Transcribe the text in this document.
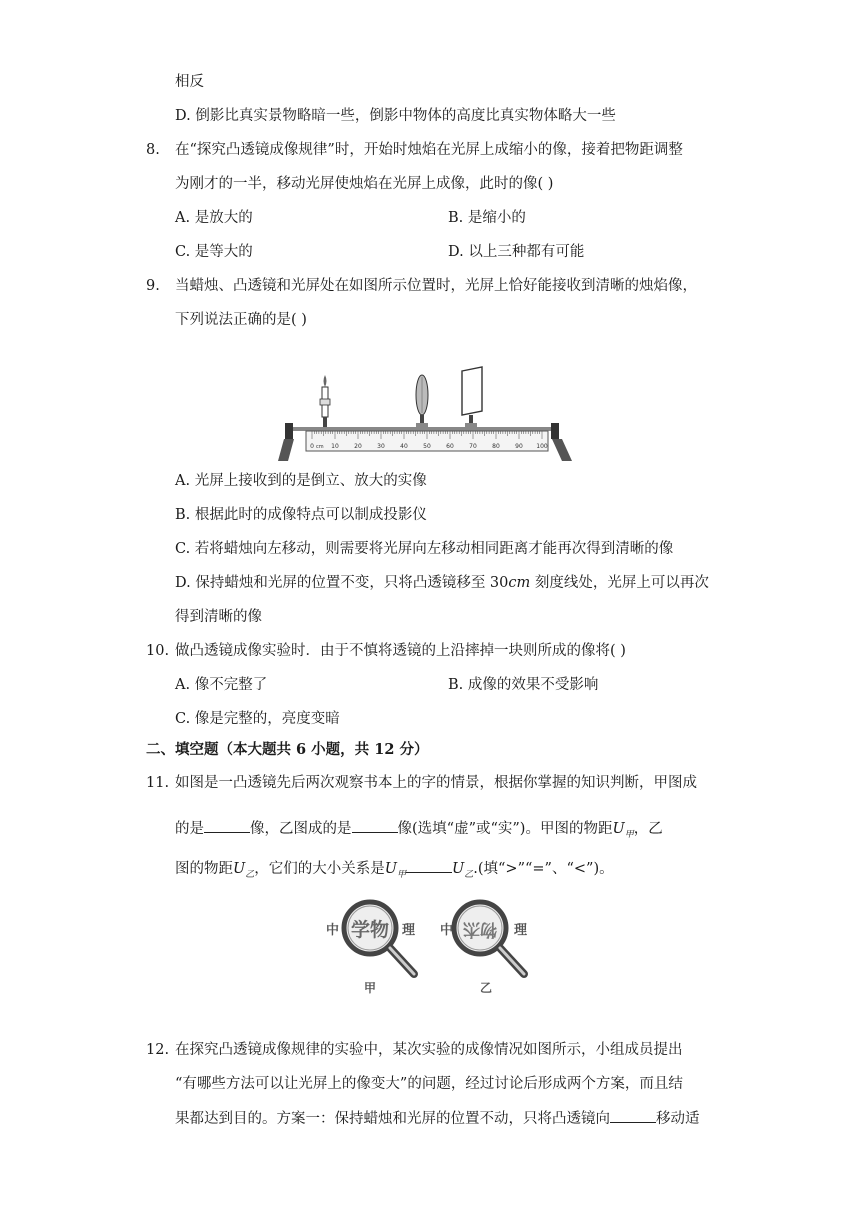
相反
D. 倒影比真实景物略暗一些，倒影中物体的高度比真实物体略大一些
8. 在“探究凸透镜成像规律”时，开始时烛焰在光屏上成缩小的像，接着把物距调整
为刚才的一半，移动光屏使烛焰在光屏上成像，此时的像( )
A. 是放大的	B. 是缩小的
C. 是等大的	D. 以上三种都有可能
9. 当蜡烛、凸透镜和光屏处在如图所示位置时，光屏上恰好能接收到清晰的烛焰像，
下列说法正确的是( )
0	10	20	30	40	50	60	70	80	90 100
cm
A. 光屏上接收到的是倒立、放大的实像
B. 根据此时的成像特点可以制成投影仪
C. 若将蜡烛向左移动，则需要将光屏向左移动相同距离才能再次得到清晰的像
D. 保持蜡烛和光屏的位置不变，只将凸透镜移至 30cm 刻度线处，光屏上可以再次
得到清晰的像
10. 做凸透镜成像实验时．由于不慎将透镜的上沿摔掉一块则所成的像将( )
A. 像不完整了	B. 成像的效果不受影响
C. 像是完整的，亮度变暗
二、填空题（本大题共 6 小题，共 12 分）
11. 如图是一凸透镜先后两次观察书本上的字的情景，根据你掌握的知识判断，甲图成
的是	像，乙图成的是	像(选填“虚”或“实”)。甲图的物距$U_甲$，乙
图的物距$U_乙$，它们的大小关系是$U_甲$	$U_乙$.(填“>”“=”、“<”)。
中 学物 理
甲
中 物杰 理
乙
12. 在探究凸透镜成像规律的实验中，某次实验的成像情况如图所示，小组成员提出
“有哪些方法可以让光屏上的像变大”的问题，经过讨论后形成两个方案，而且结
果都达到目的。方案一：保持蜡烛和光屏的位置不动，只将凸透镜向	移动适
